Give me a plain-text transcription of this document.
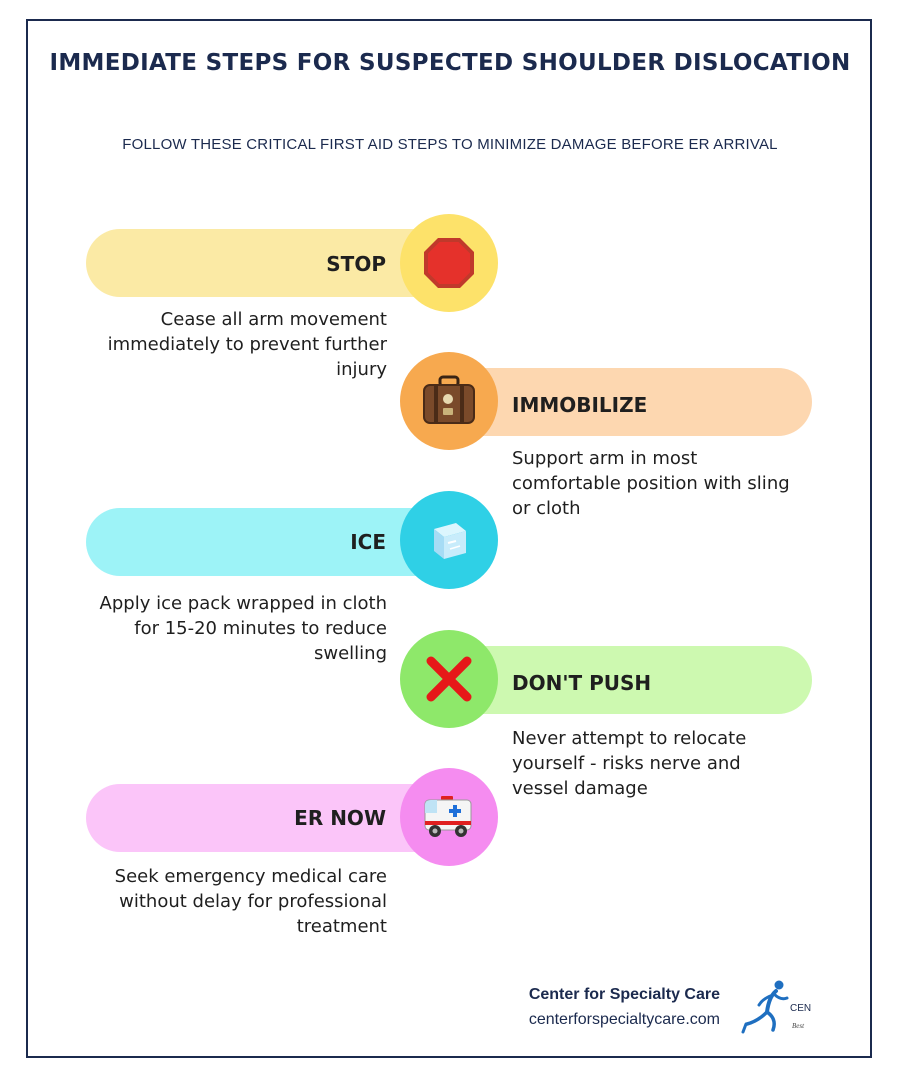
IMMEDIATE STEPS FOR SUSPECTED SHOULDER DISLOCATION

FOLLOW THESE CRITICAL FIRST AID STEPS TO MINIMIZE DAMAGE BEFORE ER ARRIVAL

STOP
Cease all arm movement immediately to prevent further injury
IMMOBILIZE
Support arm in most comfortable position with sling or cloth
ICE
Apply ice pack wrapped in cloth for 15-20 minutes to reduce swelling
DON'T PUSH
Never attempt to relocate yourself - risks nerve and vessel damage
ER NOW
Seek emergency medical care without delay for professional treatment
Center for Specialty Care
centerforspecialtycare.com
CEN
Best
